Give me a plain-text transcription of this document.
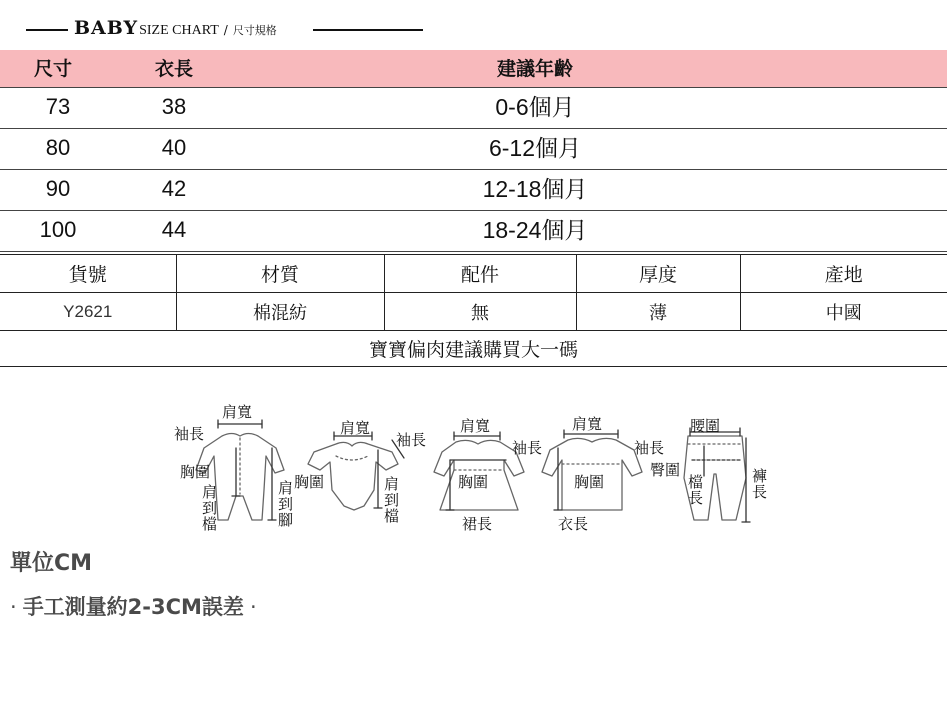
BABYSIZE CHART / 尺寸規格
尺寸	衣長	建議年齡
73	38	0-6個月
80	40	6-12個月
90	42	12-18個月
100	44	18-24個月
貨號	材質	配件	厚度	產地
Y2621	棉混紡	無	薄	中國
寶寶偏肉建議購買大一碼				
肩寬
袖長
胸圍
肩到檔
肩到腳
肩寬
袖長
胸圍	肩到檔
肩寬
袖長
胸圍
裙長
肩寬
袖長
胸圍
衣長
腰圍
臀圍
檔長
褲長
單位CM
· 手工測量約2-3CM誤差 ·
